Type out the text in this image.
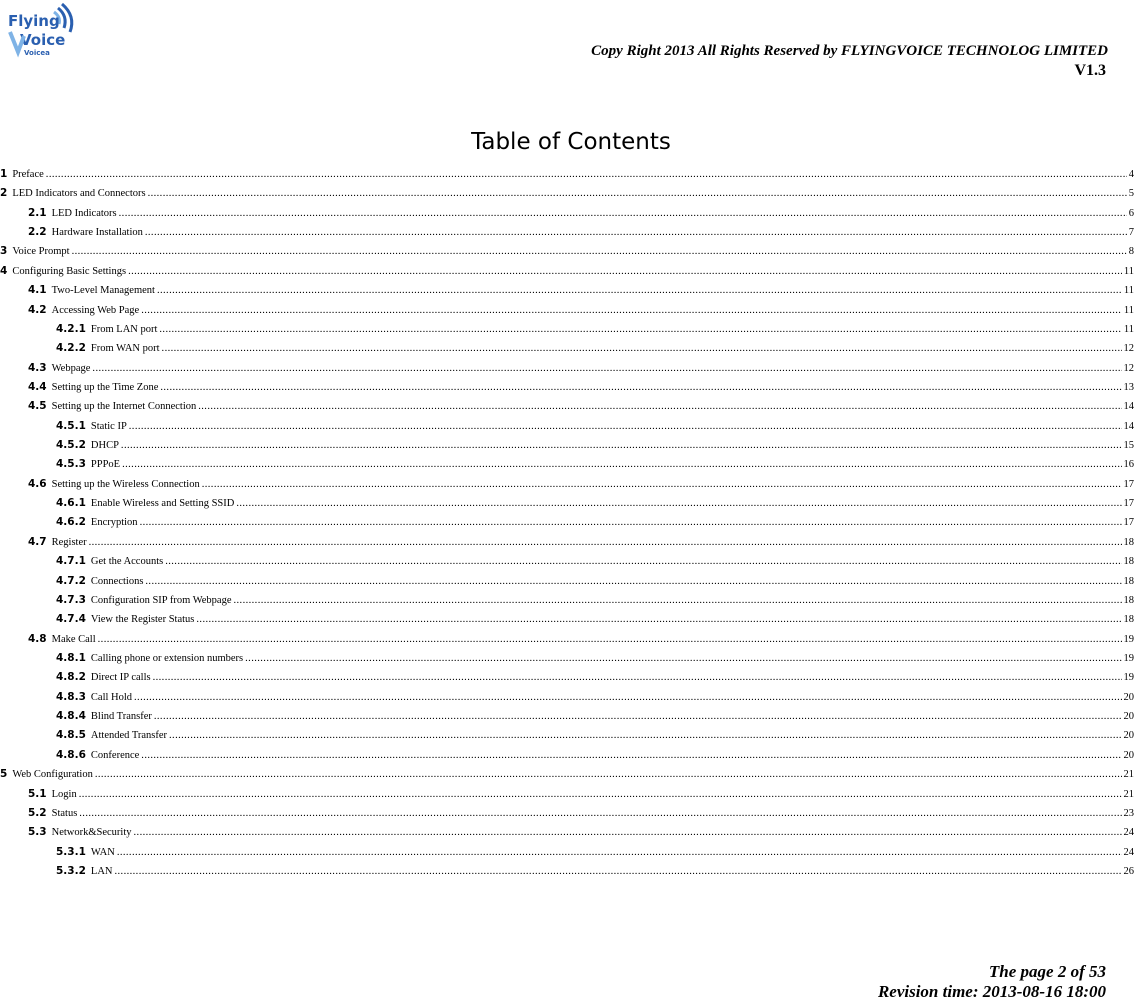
Flying
Voice
Voicea	Copy Right 2013 All Rights Reserved by FLYINGVOICE TECHNOLOG LIMITED
V1.3
Table of Contents
1 Preface .....	4
2 LED Indicators and Connectors .....	5
2.1 LED Indicators .....	6
2.2 Hardware Installation .....	7
3 Voice Prompt .....	8
4 Configuring Basic Settings .....	11
4.1 Two-Level Management .....	11
4.2 Accessing Web Page .....	11
4.2.1 From LAN port .....	11
4.2.2 From WAN port .....	12
4.3 Webpage .....	12
4.4 Setting up the Time Zone .....	13
4.5 Setting up the Internet Connection .....	14
4.5.1 Static IP .....	14
4.5.2 DHCP .....	15
4.5.3 PPPoE .....	16
4.6 Setting up the Wireless Connection .....	17
4.6.1 Enable Wireless and Setting SSID .....	17
4.6.2 Encryption .....	17
4.7 Register .....	18
4.7.1 Get the Accounts .....	18
4.7.2 Connections .....	18
4.7.3 Configuration SIP from Webpage .....	18
4.7.4 View the Register Status .....	18
4.8 Make Call .....	19
4.8.1 Calling phone or extension numbers .....	19
4.8.2 Direct IP calls .....	19
4.8.3 Call Hold .....	20
4.8.4 Blind Transfer .....	20
4.8.5 Attended Transfer .....	20
4.8.6 Conference .....	20
5 Web Configuration .....	21
5.1 Login .....	21
5.2 Status .....	23
5.3 Network&Security .....	24
5.3.1 WAN .....	24
5.3.2 LAN .....	26
The page 2 of 53
Revision time: 2013-08-16 18:00
